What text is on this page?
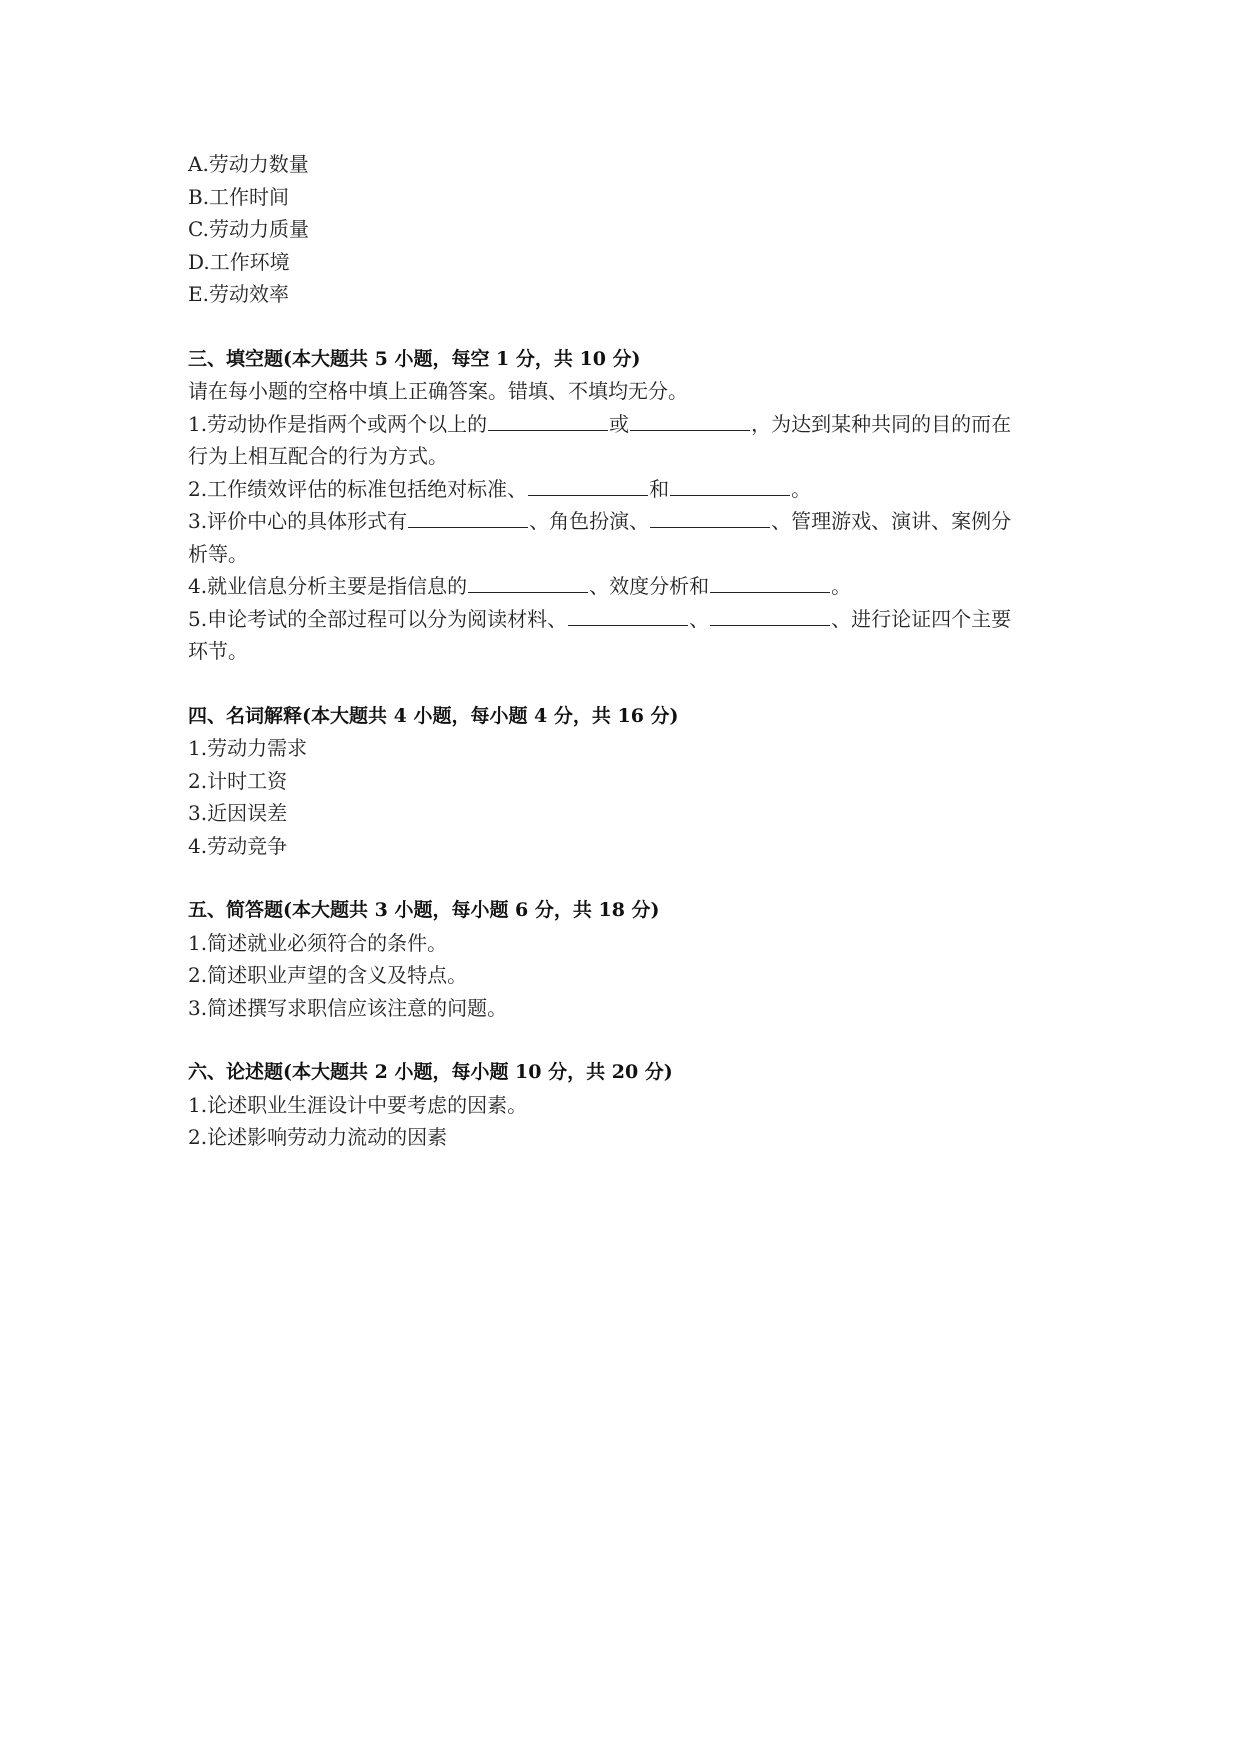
A.劳动力数量
B.工作时间
C.劳动力质量
D.工作环境
E.劳动效率
三、填空题(本大题共 5 小题，每空 1 分，共 10 分)
请在每小题的空格中填上正确答案。错填、不填均无分。
1.劳动协作是指两个或两个以上的	或	，为达到某种共同的目的而在
行为上相互配合的行为方式。
2.工作绩效评估的标准包括绝对标准、	和	。
3.评价中心的具体形式有	、角色扮演、	、管理游戏、演讲、案例分
析等。
4.就业信息分析主要是指信息的	、效度分析和	。
5.申论考试的全部过程可以分为阅读材料、	、	、进行论证四个主要
环节。
四、名词解释(本大题共 4 小题，每小题 4 分，共 16 分)
1.劳动力需求
2.计时工资
3.近因误差
4.劳动竞争
五、简答题(本大题共 3 小题，每小题 6 分，共 18 分)
1.简述就业必须符合的条件。
2.简述职业声望的含义及特点。
3.简述撰写求职信应该注意的问题。
六、论述题(本大题共 2 小题，每小题 10 分，共 20 分)
1.论述职业生涯设计中要考虑的因素。
2.论述影响劳动力流动的因素
